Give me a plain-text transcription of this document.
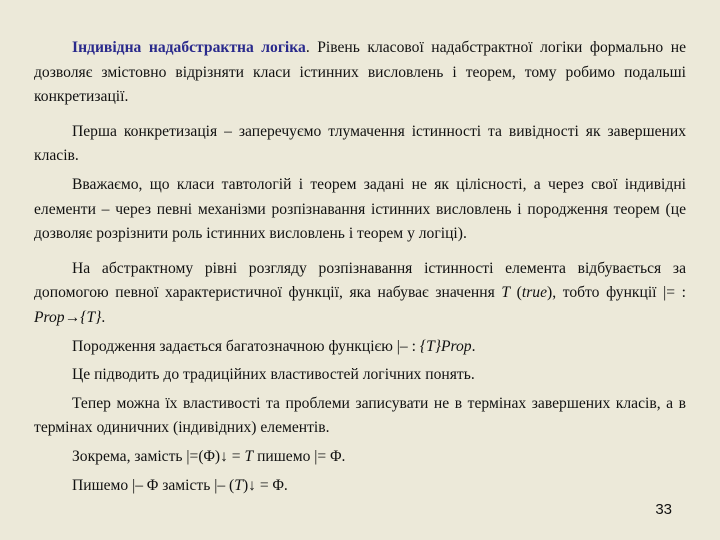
Індивідна надабстрактна логіка. Рівень класової надабстрактної логіки формально не дозволяє змістовно відрізняти класи істинних висловлень і теорем, тому робимо подальші конкретизації.

Перша конкретизація – заперечуємо тлумачення істинності та вивідності як завершених класів.

Вважаємо, що класи тавтологій і теорем задані не як цілісності, а через свої індивідні елементи – через певні механізми розпізнавання істинних висловлень і породження теорем (це дозволяє розрізнити роль істинних висловлень і теорем у логіці).

На абстрактному рівні розгляду розпізнавання істинності елемента відбувається за допомогою певної характеристичної функції, яка набуває значення T (true), тобто функції |= : Prop→{T}.

Породження задається багатозначною функцією |– : {T}Prop.

Це підводить до традиційних властивостей логічних понять.

Тепер можна їх властивості та проблеми записувати не в термінах завершених класів, а в термінах одиничних (індивідних) елементів.

Зокрема, замість |=(Φ)↓ = T пишемо |= Φ.

Пишемо |– Φ замість |– (T)↓ = Φ.

33
